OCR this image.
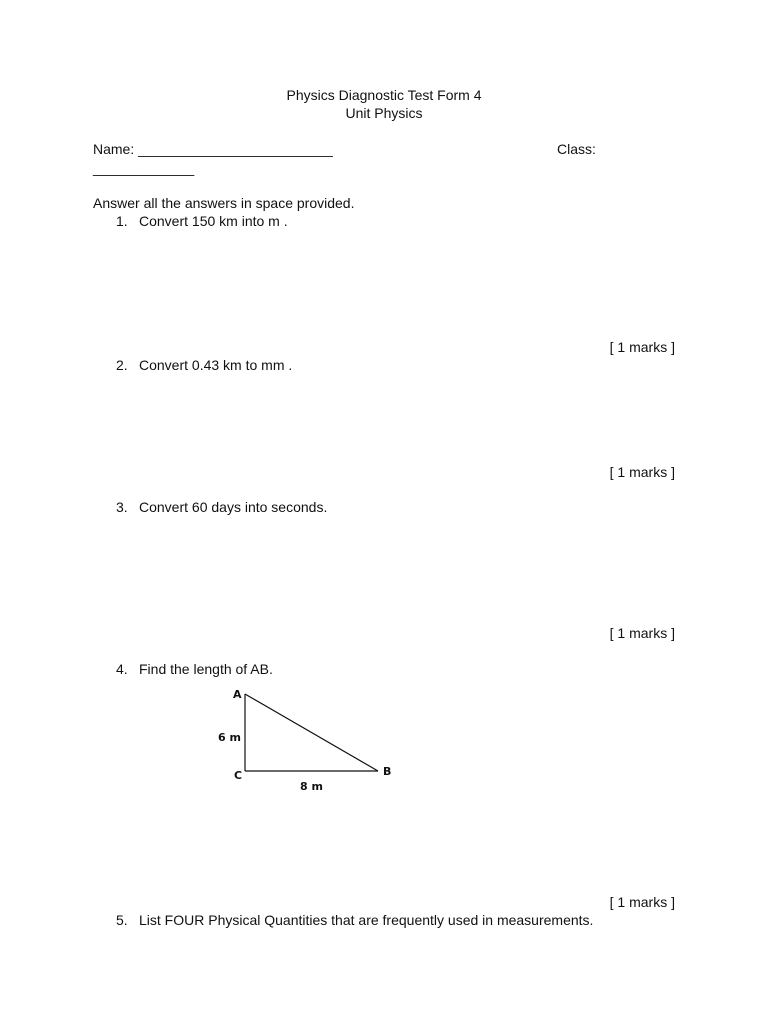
Physics Diagnostic Test Form 4
Unit Physics
Name: _________________________	Class:
_____________
Answer all the answers in space provided.
1. Convert 150 km into m .
[ 1 marks ]
2. Convert 0.43 km to mm .
[ 1 marks ]
3. Convert 60 days into seconds.
[ 1 marks ]
4. Find the length of AB.
A
B
C
6 m
8 m
[ 1 marks ]
5. List FOUR Physical Quantities that are frequently used in measurements.
